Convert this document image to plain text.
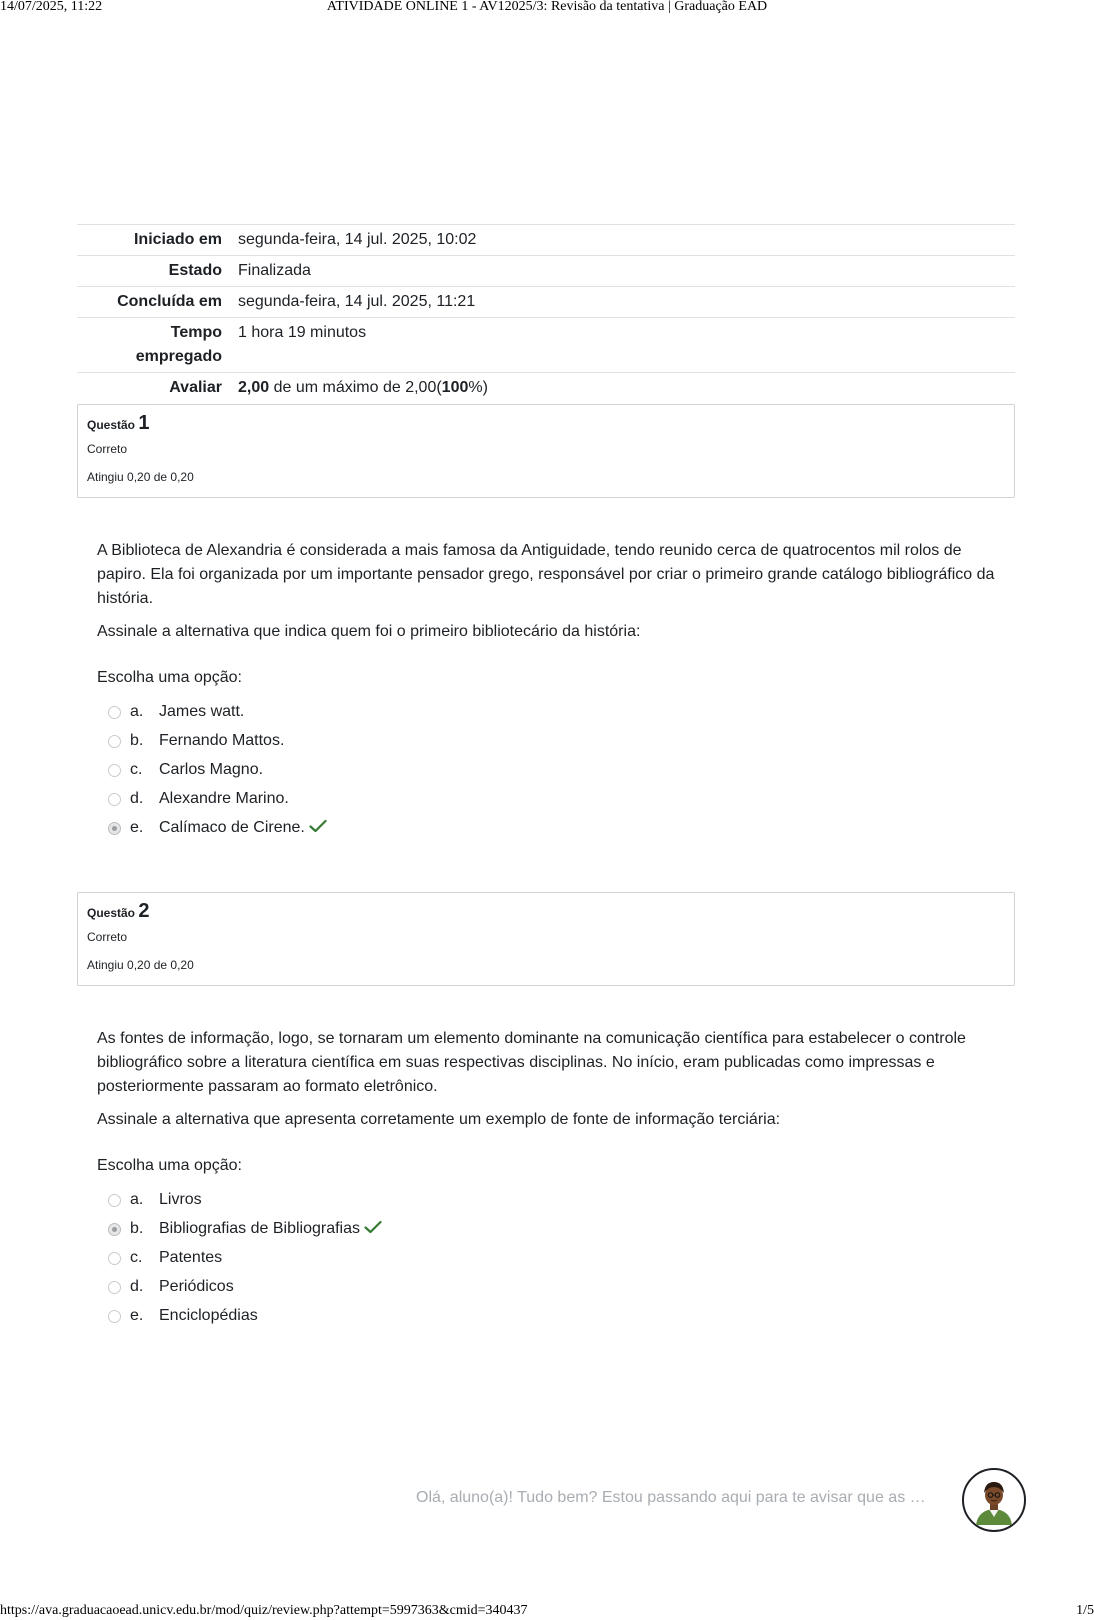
14/07/2025, 11:22	ATIVIDADE ONLINE 1 - AV12025/3: Revisão da tentativa | Graduação EAD
Iniciado em	segunda-feira, 14 jul. 2025, 10:02
Estado	Finalizada
Concluída em	segunda-feira, 14 jul. 2025, 11:21
Tempo
empregado	1 hora 19 minutos
Avaliar	2,00 de um máximo de 2,00(100%)
Questão 1
Correto
Atingiu 0,20 de 0,20

A Biblioteca de Alexandria é considerada a mais famosa da Antiguidade, tendo reunido cerca de quatrocentos mil rolos de papiro. Ela foi organizada por um importante pensador grego, responsável por criar o primeiro grande catálogo bibliográfico da história.

Assinale a alternativa que indica quem foi o primeiro bibliotecário da história:

Escolha uma opção:

a. James watt.
b. Fernando Mattos.
c. Carlos Magno.
d. Alexandre Marino.
e. Calímaco de Cirene.
Questão 2
Correto
Atingiu 0,20 de 0,20

As fontes de informação, logo, se tornaram um elemento dominante na comunicação científica para estabelecer o controle bibliográfico sobre a literatura científica em suas respectivas disciplinas. No início, eram publicadas como impressas e posteriormente passaram ao formato eletrônico.

Assinale a alternativa que apresenta corretamente um exemplo de fonte de informação terciária:

Escolha uma opção:

a. Livros
b. Bibliografias de Bibliografias
c. Patentes
d. Periódicos
e. Enciclopédias
Olá, aluno(a)! Tudo bem? Estou passando aqui para te avisar que as …
https://ava.graduacaoead.unicv.edu.br/mod/quiz/review.php?attempt=5997363&cmid=340437	1/5
